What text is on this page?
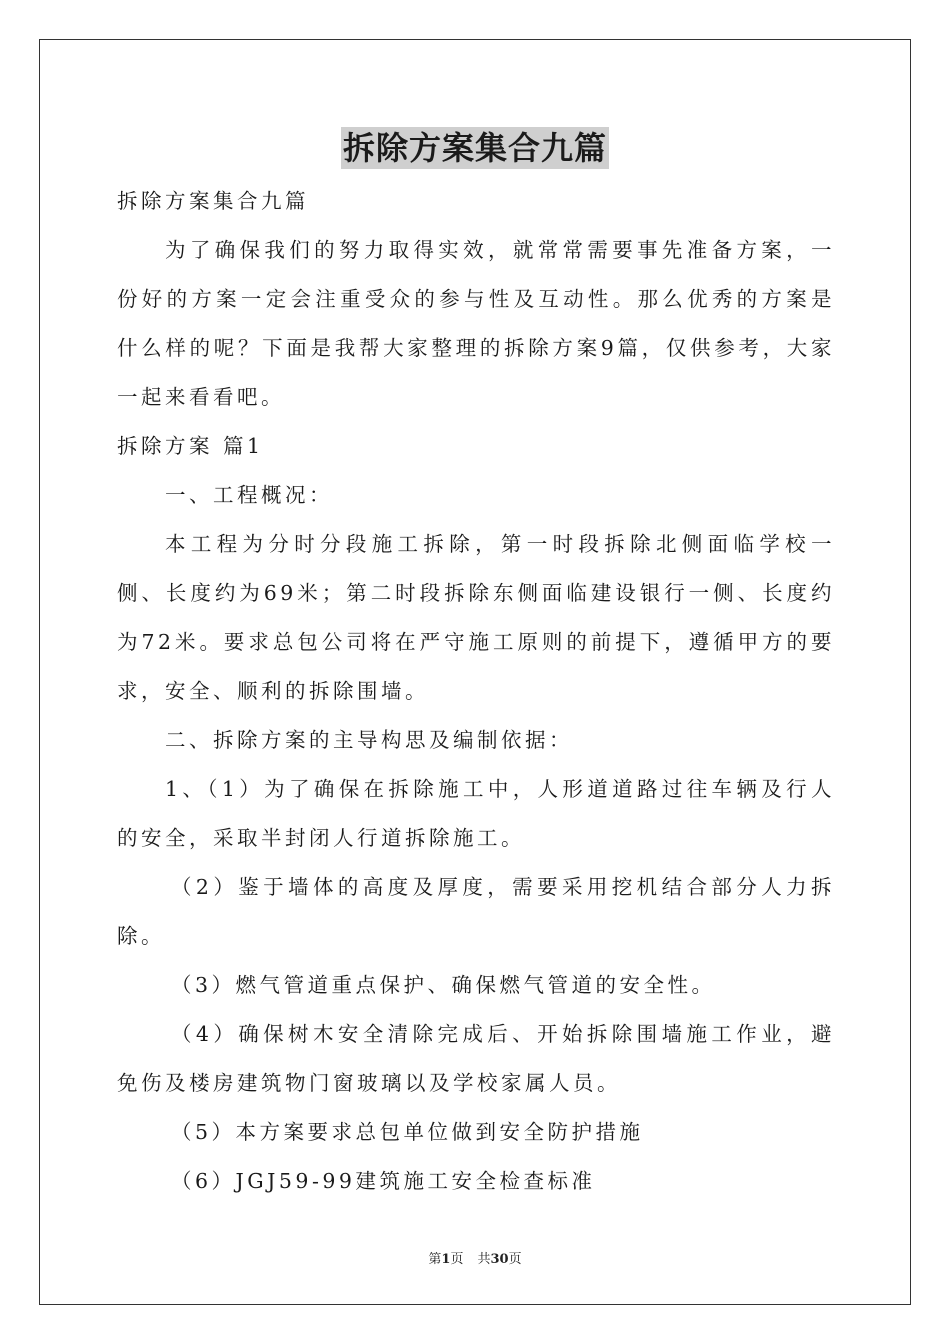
拆除方案集合九篇

拆除方案集合九篇

为了确保我们的努力取得实效，就常常需要事先准备方案，一份好的方案一定会注重受众的参与性及互动性。那么优秀的方案是什么样的呢？下面是我帮大家整理的拆除方案9篇，仅供参考，大家一起来看看吧。

拆除方案 篇1

一、工程概况：

本工程为分时分段施工拆除，第一时段拆除北侧面临学校一侧、长度约为69米；第二时段拆除东侧面临建设银行一侧、长度约为72米。要求总包公司将在严守施工原则的前提下，遵循甲方的要求，安全、顺利的拆除围墙。

二、拆除方案的主导构思及编制依据：

1、（1）为了确保在拆除施工中，人形道道路过往车辆及行人的安全，采取半封闭人行道拆除施工。

（2）鉴于墙体的高度及厚度，需要采用挖机结合部分人力拆除。

（3）燃气管道重点保护、确保燃气管道的安全性。

（4）确保树木安全清除完成后、开始拆除围墙施工作业，避免伤及楼房建筑物门窗玻璃以及学校家属人员。

（5）本方案要求总包单位做到安全防护措施

（6）JGJ59-99建筑施工安全检查标准

第1页 共30页
